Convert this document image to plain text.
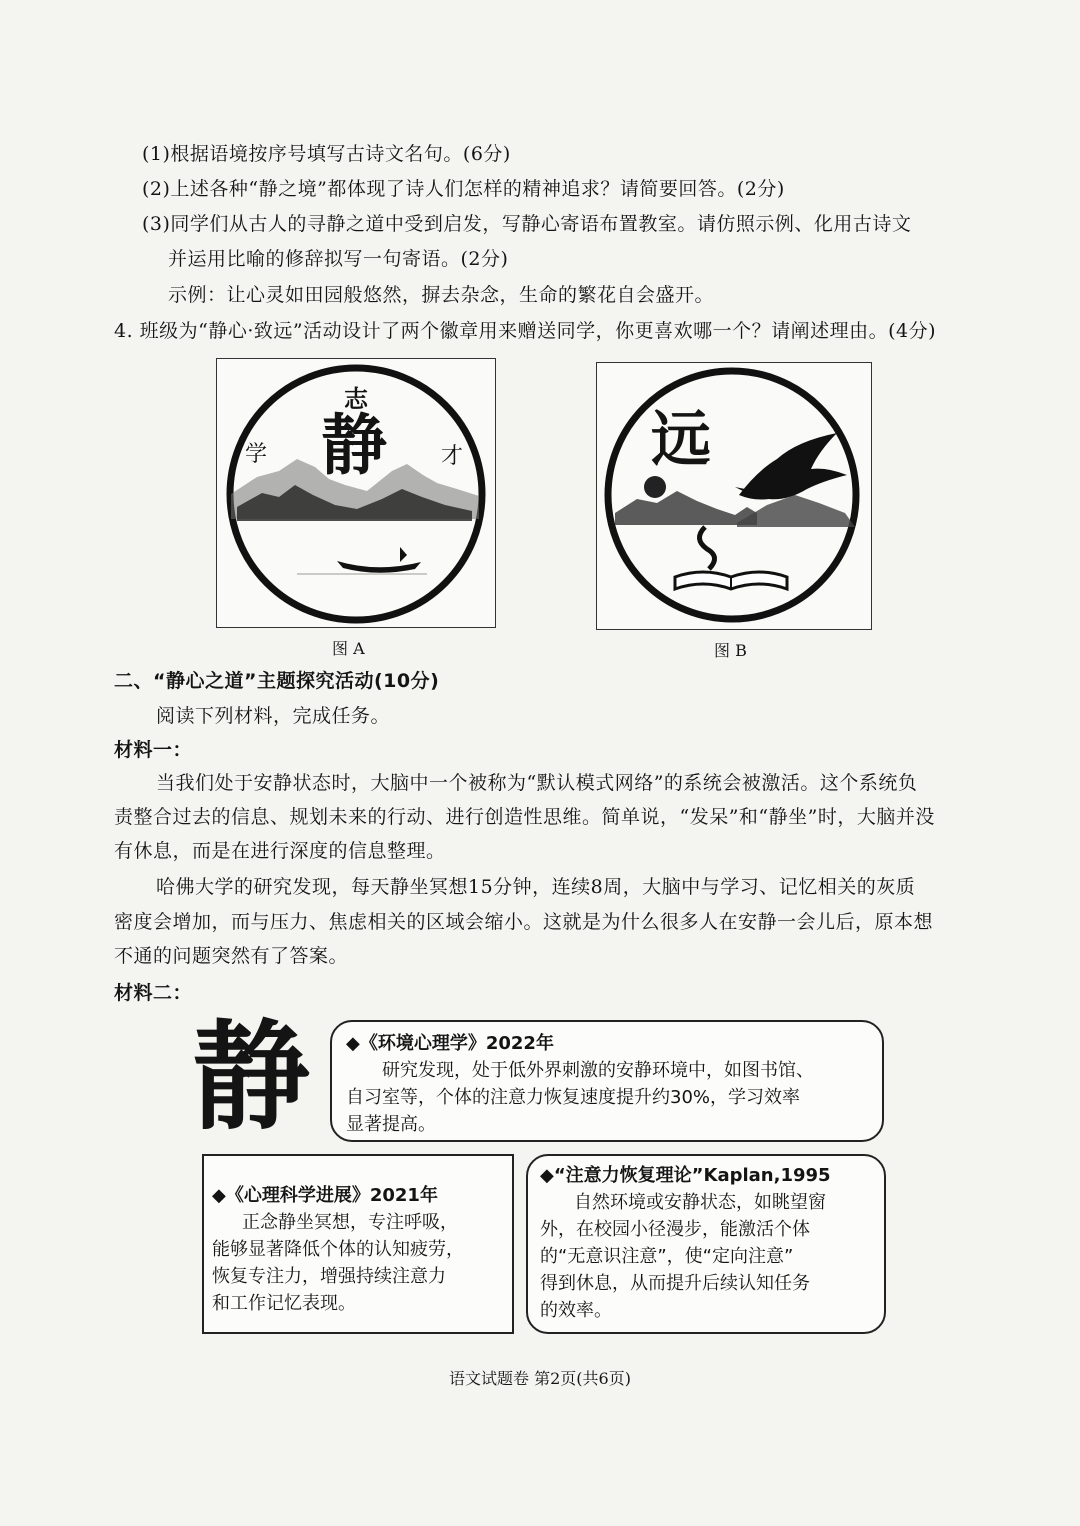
(1)根据语境按序号填写古诗文名句。(6分)
(2)上述各种“静之境”都体现了诗人们怎样的精神追求？请简要回答。(2分)
(3)同学们从古人的寻静之道中受到启发，写静心寄语布置教室。请仿照示例、化用古诗文
并运用比喻的修辞拟写一句寄语。(2分)
示例：让心灵如田园般悠然，摒去杂念，生命的繁花自会盛开。
4. 班级为“静心·致远”活动设计了两个徽章用来赠送同学，你更喜欢哪一个？请阐述理由。(4分)
志
静
学	才
图 A
远
图 B
二、“静心之道”主题探究活动(10分)
阅读下列材料，完成任务。
材料一：
当我们处于安静状态时，大脑中一个被称为“默认模式网络”的系统会被激活。这个系统负
责整合过去的信息、规划未来的行动、进行创造性思维。简单说，“发呆”和“静坐”时，大脑并没
有休息，而是在进行深度的信息整理。
哈佛大学的研究发现，每天静坐冥想15分钟，连续8周，大脑中与学习、记忆相关的灰质
密度会增加，而与压力、焦虑相关的区域会缩小。这就是为什么很多人在安静一会儿后，原本想
不通的问题突然有了答案。
材料二：
静 ◆《环境心理学》2022年

研究发现，处于低外界刺激的安静环境中，如图书馆、

自习室等，个体的注意力恢复速度提升约30%，学习效率

显著提高。

◆《心理科学进展》2021年

正念静坐冥想，专注呼吸，

能够显著降低个体的认知疲劳，

恢复专注力，增强持续注意力

和工作记忆表现。

◆“注意力恢复理论”Kaplan,1995

自然环境或安静状态，如眺望窗

外，在校园小径漫步，能激活个体

的“无意识注意”，使“定向注意”

得到休息，从而提升后续认知任务

的效率。

语文试题卷 第2页(共6页)
